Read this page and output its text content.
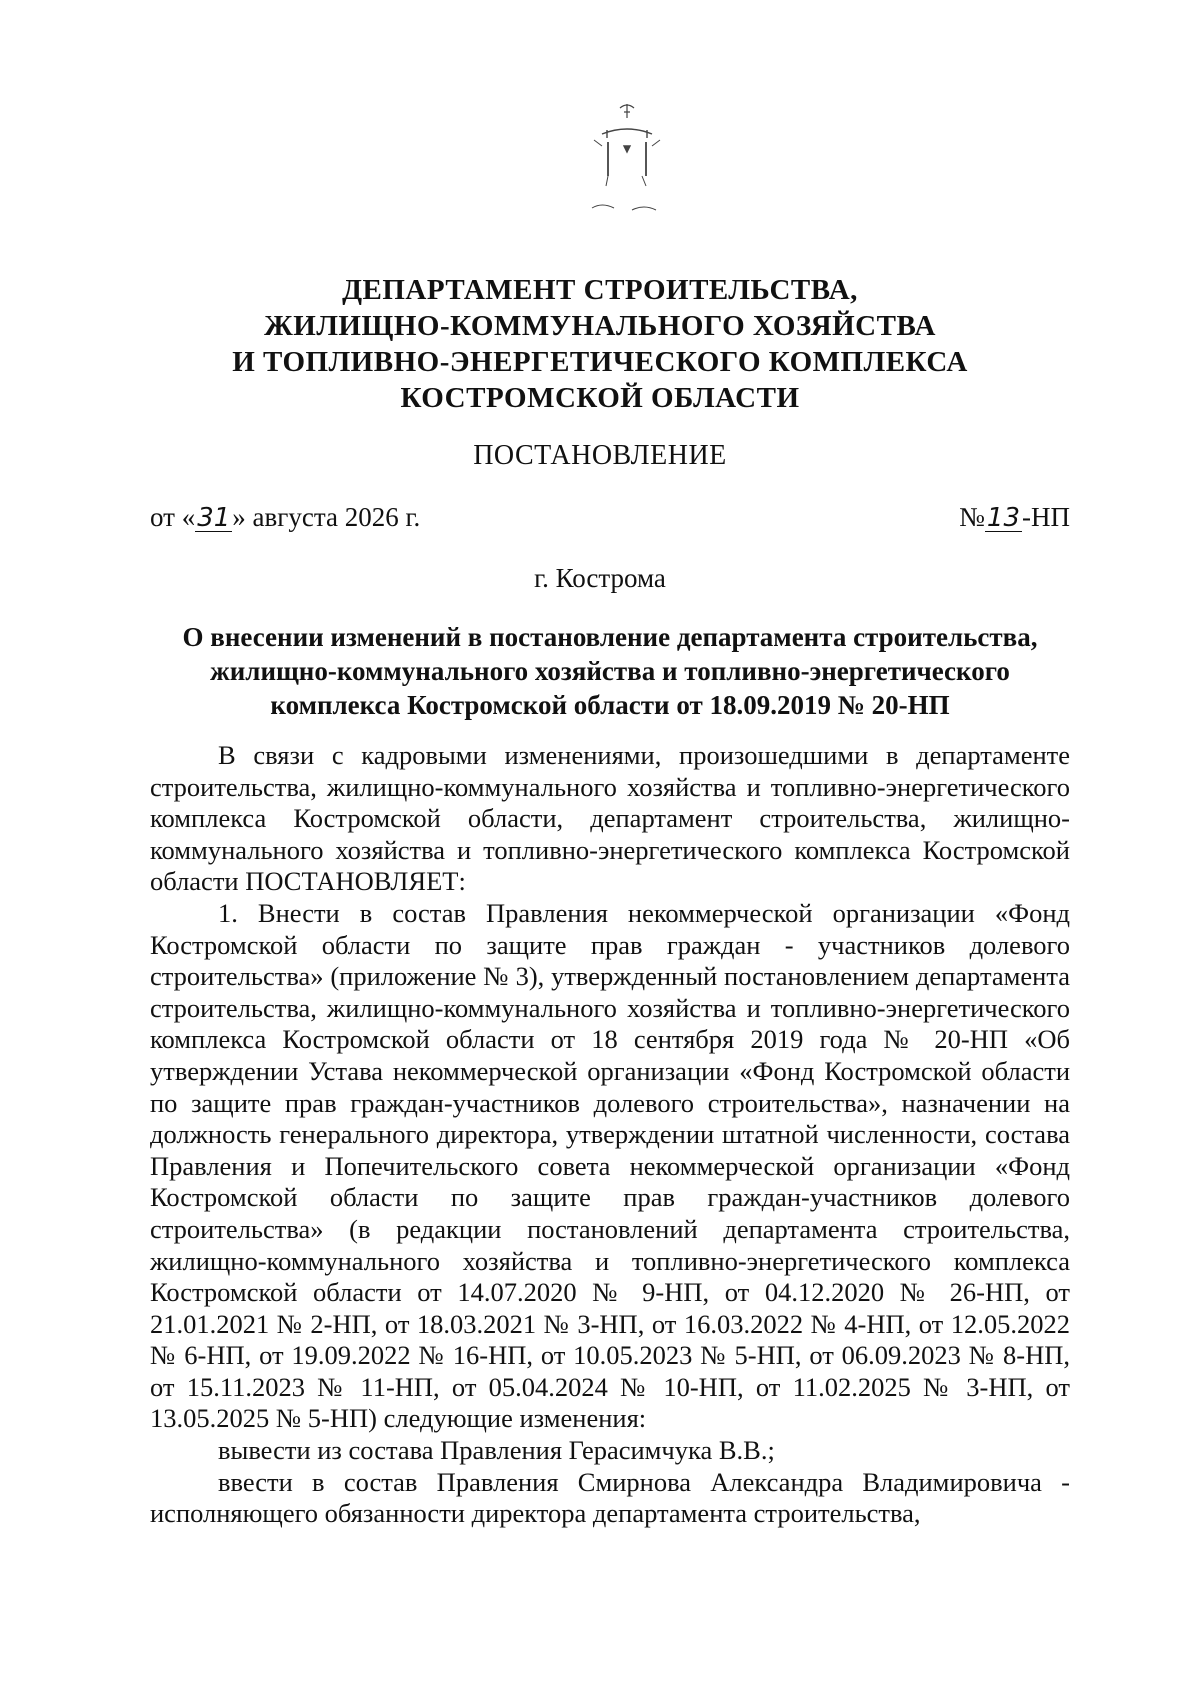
ДЕПАРТАМЕНТ СТРОИТЕЛЬСТВА,
ЖИЛИЩНО-КОММУНАЛЬНОГО ХОЗЯЙСТВА
И ТОПЛИВНО-ЭНЕРГЕТИЧЕСКОГО КОМПЛЕКСА
КОСТРОМСКОЙ ОБЛАСТИ
ПОСТАНОВЛЕНИЕ
от «31» августа 2026 г.	№13-НП
г. Кострома
О внесении изменений в постановление департамента строительства,
жилищно-коммунального хозяйства и топливно-энергетического
комплекса Костромской области от 18.09.2019 № 20-НП

В связи с кадровыми изменениями, произошедшими в департаменте строительства, жилищно-коммунального хозяйства и топливно-энергетического комплекса Костромской области, департамент строительства, жилищно-коммунального хозяйства и топливно-энергетического комплекса Костромской области ПОСТАНОВЛЯЕТ:

1. Внести в состав Правления некоммерческой организации «Фонд Костромской области по защите прав граждан - участников долевого строительства» (приложение № 3), утвержденный постановлением департамента строительства, жилищно-коммунального хозяйства и топливно-энергетического комплекса Костромской области от 18 сентября 2019 года № 20-НП «Об утверждении Устава некоммерческой организации «Фонд Костромской области по защите прав граждан-участников долевого строительства», назначении на должность генерального директора, утверждении штатной численности, состава Правления и Попечительского совета некоммерческой организации «Фонд Костромской области по защите прав граждан-участников долевого строительства» (в редакции постановлений департамента строительства, жилищно-коммунального хозяйства и топливно-энергетического комплекса Костромской области от 14.07.2020 № 9-НП, от 04.12.2020 № 26-НП, от 21.01.2021 № 2-НП, от 18.03.2021 № 3-НП, от 16.03.2022 № 4-НП, от 12.05.2022 № 6-НП, от 19.09.2022 № 16-НП, от 10.05.2023 № 5-НП, от 06.09.2023 № 8-НП, от 15.11.2023 № 11-НП, от 05.04.2024 № 10-НП, от 11.02.2025 № 3-НП, от 13.05.2025 № 5-НП) следующие изменения:

вывести из состава Правления Герасимчука В.В.;

ввести в состав Правления Смирнова Александра Владимировича - исполняющего обязанности директора департамента строительства,
